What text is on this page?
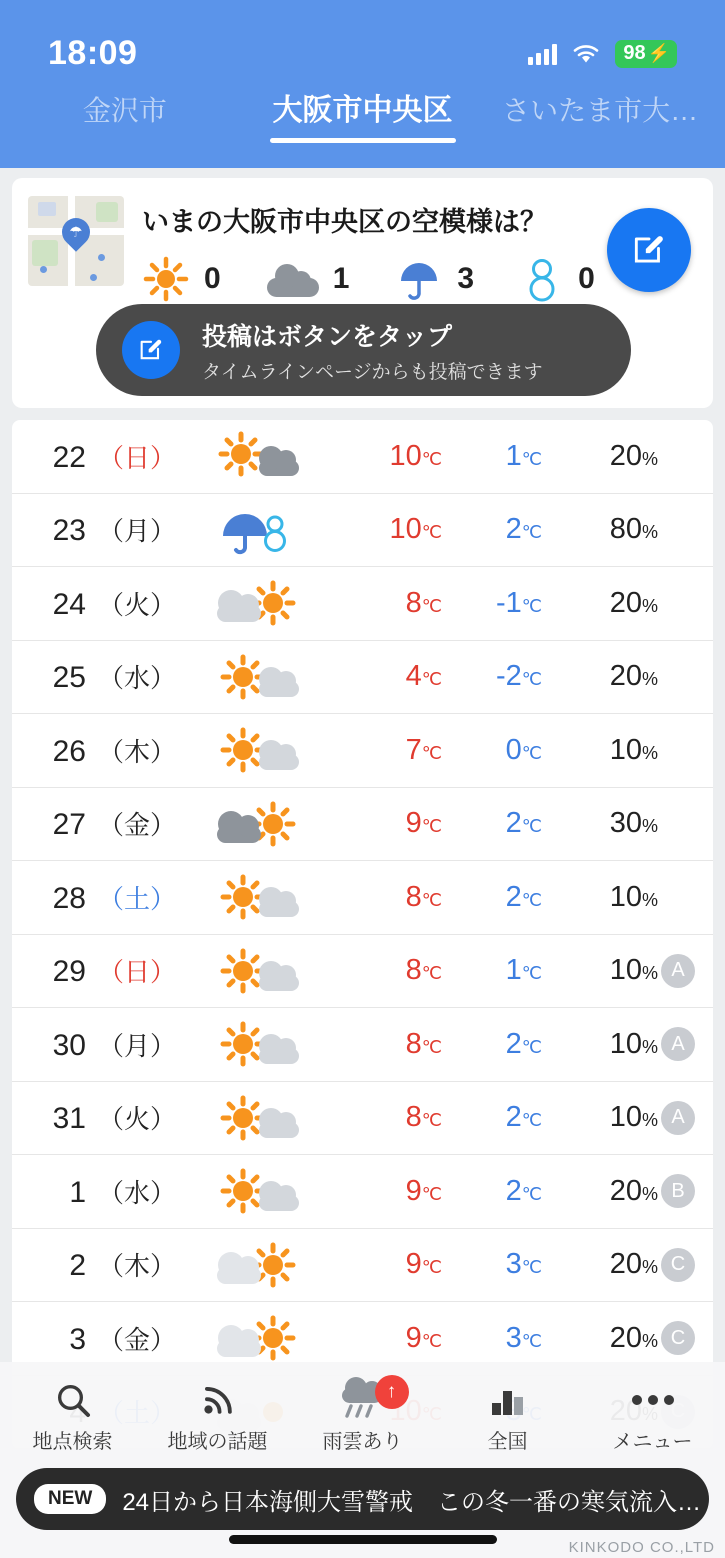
18:09	98 ⚡
金沢市	大阪市中央区	さいたま市大…
☂ いまの大阪市中央区の空模様は？
0	1	3	0
投稿はボタンをタップ
タイムラインページからも投稿できます
22 （日）	10℃	1℃	20%
23 （月）	10℃	2℃	80%
24 （火）	8℃	-1℃	20%
25 （水）	4℃	-2℃	20%
26 （木）	7℃	0℃	10%
27 （金）	9℃	2℃	30%
28 （土）	8℃	2℃	10%
29 （日）	8℃	1℃	10% A
30 （月）	8℃	2℃	10% A
31 （火）	8℃	2℃	10% A
1 （水）	9℃	2℃	20% B
2 （木）	9℃	3℃	20% C
3 （金）	9℃	3℃	20% C
地点検索	地域の話題
↑
雨雲あり	全国	メニュー
NEW	24日から日本海側大雪警戒　この冬一番の寒気流入…
KINKODO CO.,LTD
